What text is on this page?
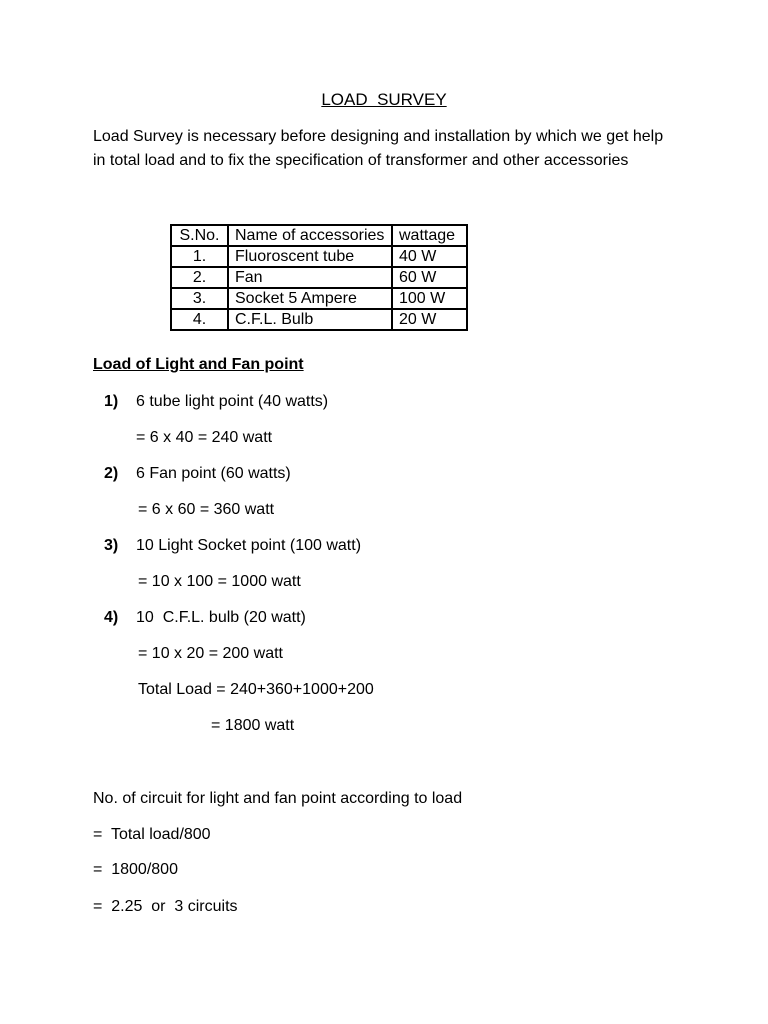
LOAD  SURVEY
Load Survey is necessary before designing and installation by which we get help in total load and to fix the specification of transformer and other accessories
S.No.	Name of accessories	wattage
1.	Fluoroscent tube	40 W
2.	Fan	60 W
3.	Socket 5 Ampere	100 W
4.	C.F.L. Bulb	20 W
Load of Light and Fan point
1) 6 tube light point (40 watts)
= 6 x 40 = 240 watt
2) 6 Fan point (60 watts)
= 6 x 60 = 360 watt
3) 10 Light Socket point (100 watt)
= 10 x 100 = 1000 watt
4) 10  C.F.L. bulb (20 watt)
= 10 x 20 = 200 watt
Total Load = 240+360+1000+200
= 1800 watt
No. of circuit for light and fan point according to load
=  Total load/800
=  1800/800
=  2.25  or  3 circuits
